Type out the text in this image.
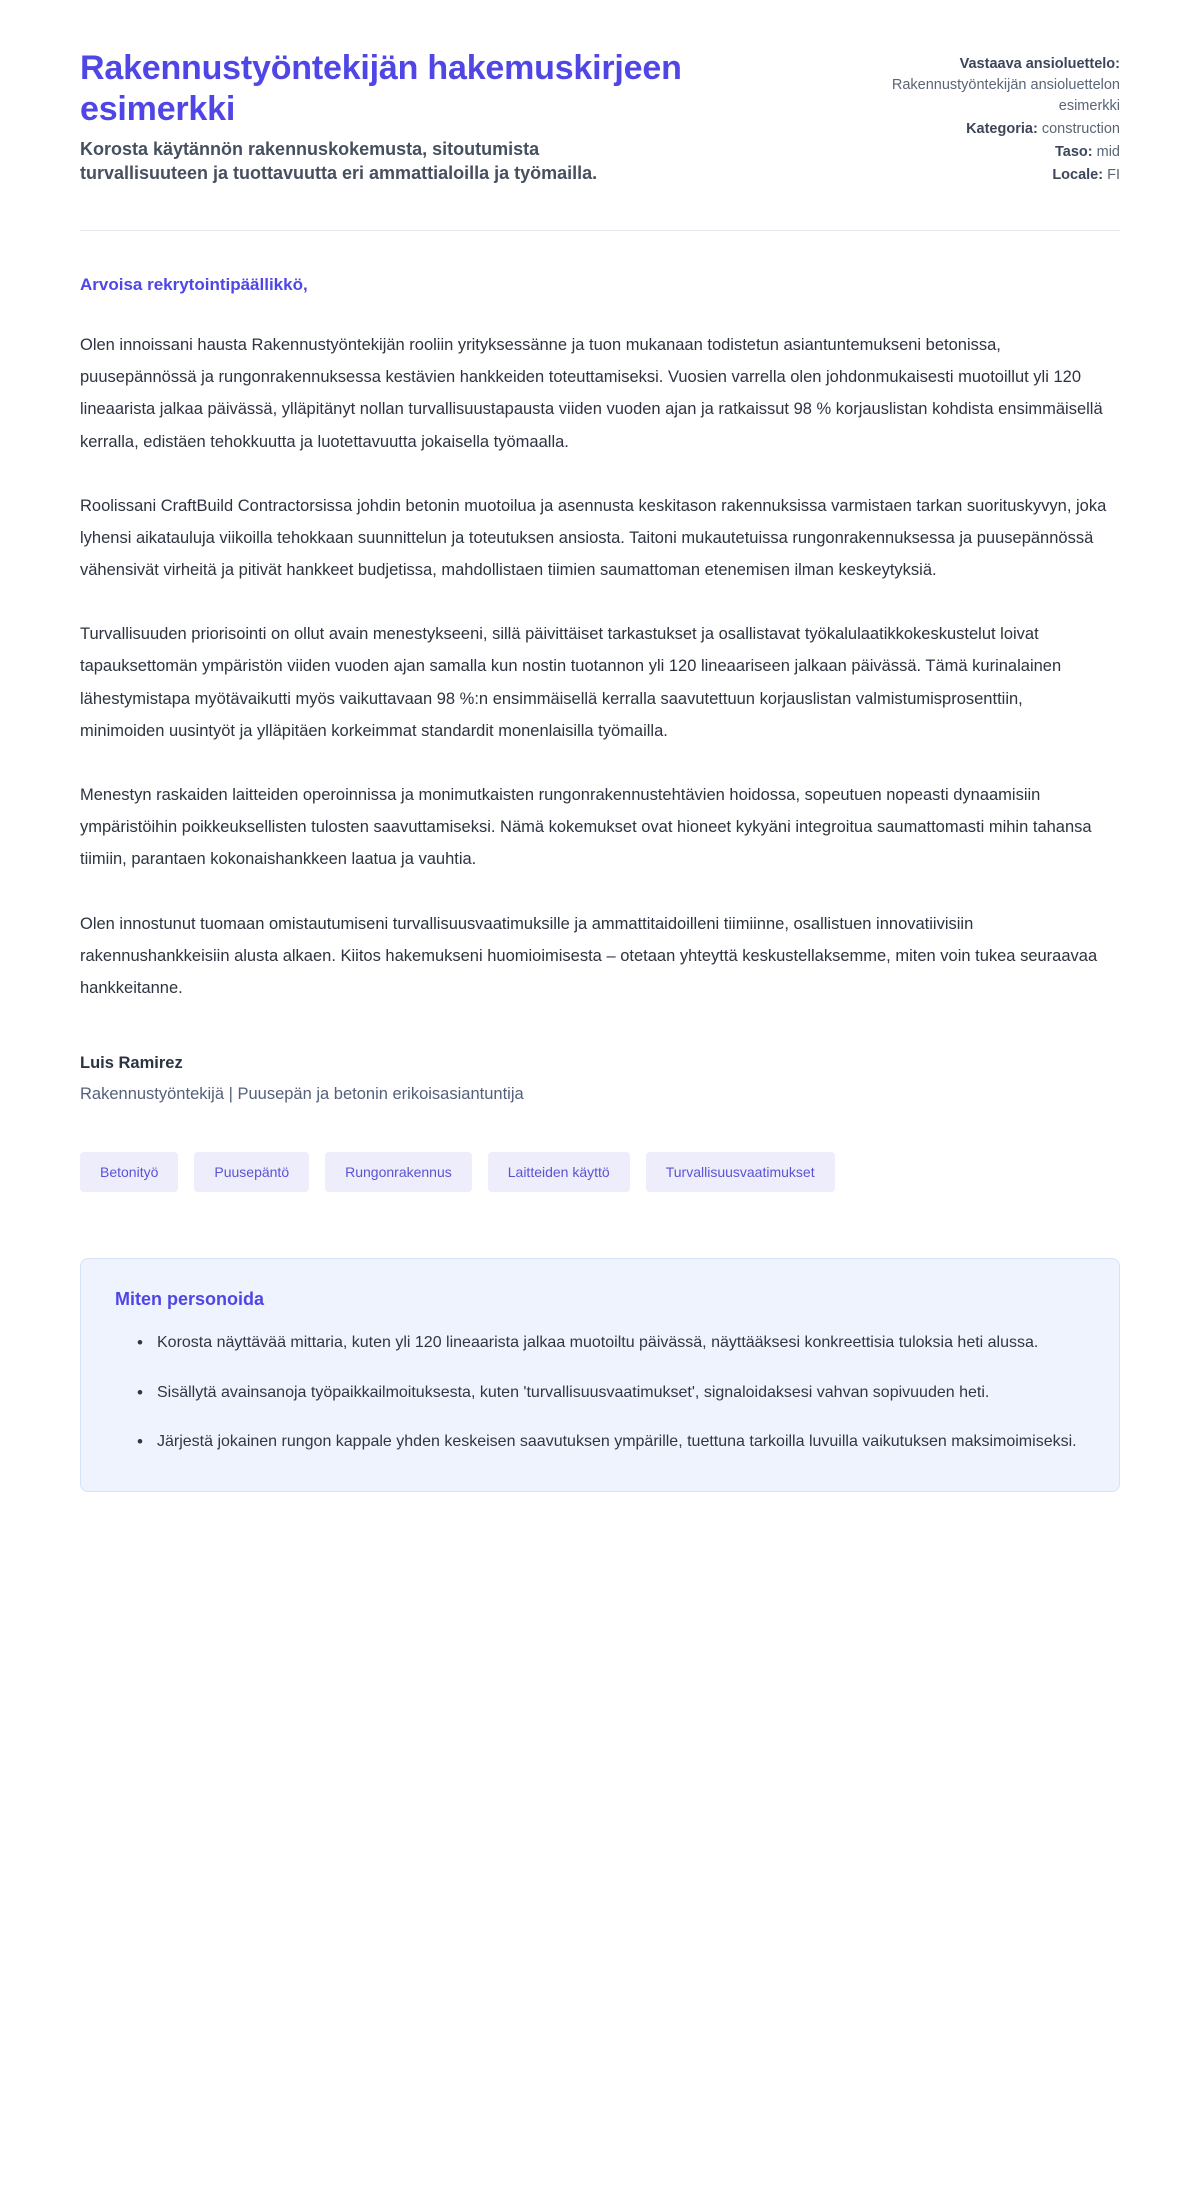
Rakennustyöntekijän hakemuskirjeen esimerkki

Korosta käytännön rakennuskokemusta, sitoutumista turvallisuuteen ja tuottavuutta eri ammattialoilla ja työmailla.

Vastaava ansioluettelo:
Rakennustyöntekijän ansioluettelon esimerkki
Kategoria: construction
Taso: mid
Locale: FI

Arvoisa rekrytointipäällikkö,

Olen innoissani hausta Rakennustyöntekijän rooliin yrityksessänne ja tuon mukanaan todistetun asiantuntemukseni betonissa, puusepännössä ja rungonrakennuksessa kestävien hankkeiden toteuttamiseksi. Vuosien varrella olen johdonmukaisesti muotoillut yli 120 lineaarista jalkaa päivässä, ylläpitänyt nollan turvallisuustapausta viiden vuoden ajan ja ratkaissut 98 % korjauslistan kohdista ensimmäisellä kerralla, edistäen tehokkuutta ja luotettavuutta jokaisella työmaalla.

Roolissani CraftBuild Contractorsissa johdin betonin muotoilua ja asennusta keskitason rakennuksissa varmistaen tarkan suorituskyvyn, joka lyhensi aikatauluja viikoilla tehokkaan suunnittelun ja toteutuksen ansiosta. Taitoni mukautetuissa rungonrakennuksessa ja puusepännössä vähensivät virheitä ja pitivät hankkeet budjetissa, mahdollistaen tiimien saumattoman etenemisen ilman keskeytyksiä.

Turvallisuuden priorisointi on ollut avain menestykseeni, sillä päivittäiset tarkastukset ja osallistavat työkalulaatikkokeskustelut loivat tapauksettomän ympäristön viiden vuoden ajan samalla kun nostin tuotannon yli 120 lineaariseen jalkaan päivässä. Tämä kurinalainen lähestymistapa myötävaikutti myös vaikuttavaan 98 %:n ensimmäisellä kerralla saavutettuun korjauslistan valmistumisprosenttiin, minimoiden uusintyöt ja ylläpitäen korkeimmat standardit monenlaisilla työmailla.

Menestyn raskaiden laitteiden operoinnissa ja monimutkaisten rungonrakennustehtävien hoidossa, sopeutuen nopeasti dynaamisiin ympäristöihin poikkeuksellisten tulosten saavuttamiseksi. Nämä kokemukset ovat hioneet kykyäni integroitua saumattomasti mihin tahansa tiimiin, parantaen kokonaishankkeen laatua ja vauhtia.

Olen innostunut tuomaan omistautumiseni turvallisuusvaatimuksille ja ammattitaidoilleni tiimiinne, osallistuen innovatiivisiin rakennushankkeisiin alusta alkaen. Kiitos hakemukseni huomioimisesta – otetaan yhteyttä keskustellaksemme, miten voin tukea seuraavaa hankkeitanne.

Luis Ramirez

Rakennustyöntekijä | Puusepän ja betonin erikoisasiantuntija

Betonityö	Puusepäntö	Rungonrakennus	Laitteiden käyttö	Turvallisuusvaatimukset
Miten personoida
• Korosta näyttävää mittaria, kuten yli 120 lineaarista jalkaa muotoiltu päivässä, näyttääksesi konkreettisia tuloksia heti alussa.
• Sisällytä avainsanoja työpaikkailmoituksesta, kuten 'turvallisuusvaatimukset', signaloidaksesi vahvan sopivuuden heti.
• Järjestä jokainen rungon kappale yhden keskeisen saavutuksen ympärille, tuettuna tarkoilla luvuilla vaikutuksen maksimoimiseksi.
